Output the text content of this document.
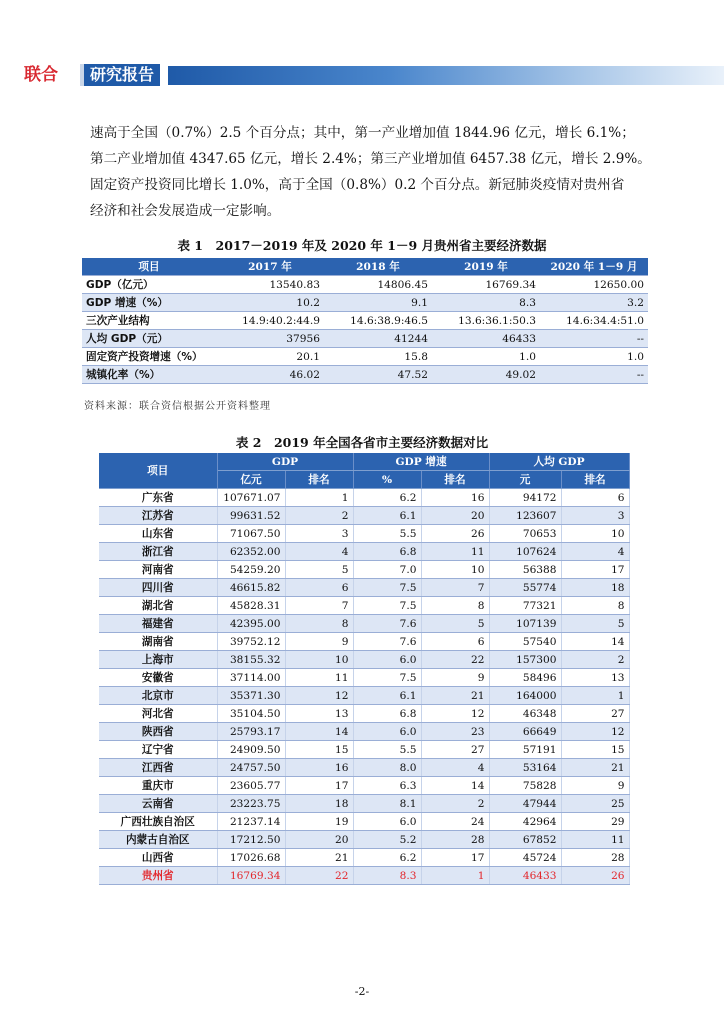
联合	研究报告
速高于全国（0.7%）2.5 个百分点；其中，第一产业增加值 1844.96 亿元，增长 6.1%；
第二产业增加值 4347.65 亿元，增长 2.4%；第三产业增加值 6457.38 亿元，增长 2.9%。
固定资产投资同比增长 1.0%，高于全国（0.8%）0.2 个百分点。新冠肺炎疫情对贵州省
经济和社会发展造成一定影响。
表 1　2017－2019 年及 2020 年 1－9 月贵州省主要经济数据
项目	2017 年	2018 年	2019 年	2020 年 1－9 月
GDP（亿元）	13540.83	14806.45	16769.34	12650.00
GDP 增速（%）	10.2	9.1	8.3	3.2
三次产业结构	14.9:40.2:44.9	14.6:38.9:46.5	13.6:36.1:50.3	14.6:34.4:51.0
人均 GDP（元）	37956	41244	46433	--
固定资产投资增速（%）	20.1	15.8	1.0	1.0
城镇化率（%）	46.02	47.52	49.02	--
资料来源：联合资信根据公开资料整理
表 2　2019 年全国各省市主要经济数据对比
项目	GDP		GDP 增速		人均 GDP	
	亿元	排名	%	排名	元	排名
广东省	107671.07	1	6.2	16	94172	6
江苏省	99631.52	2	6.1	20	123607	3
山东省	71067.50	3	5.5	26	70653	10
浙江省	62352.00	4	6.8	11	107624	4
河南省	54259.20	5	7.0	10	56388	17
四川省	46615.82	6	7.5	7	55774	18
湖北省	45828.31	7	7.5	8	77321	8
福建省	42395.00	8	7.6	5	107139	5
湖南省	39752.12	9	7.6	6	57540	14
上海市	38155.32	10	6.0	22	157300	2
安徽省	37114.00	11	7.5	9	58496	13
北京市	35371.30	12	6.1	21	164000	1
河北省	35104.50	13	6.8	12	46348	27
陕西省	25793.17	14	6.0	23	66649	12
辽宁省	24909.50	15	5.5	27	57191	15
江西省	24757.50	16	8.0	4	53164	21
重庆市	23605.77	17	6.3	14	75828	9
云南省	23223.75	18	8.1	2	47944	25
广西壮族自治区	21237.14	19	6.0	24	42964	29
内蒙古自治区	17212.50	20	5.2	28	67852	11
山西省	17026.68	21	6.2	17	45724	28
贵州省	16769.34	22	8.3	1	46433	26
-2-
